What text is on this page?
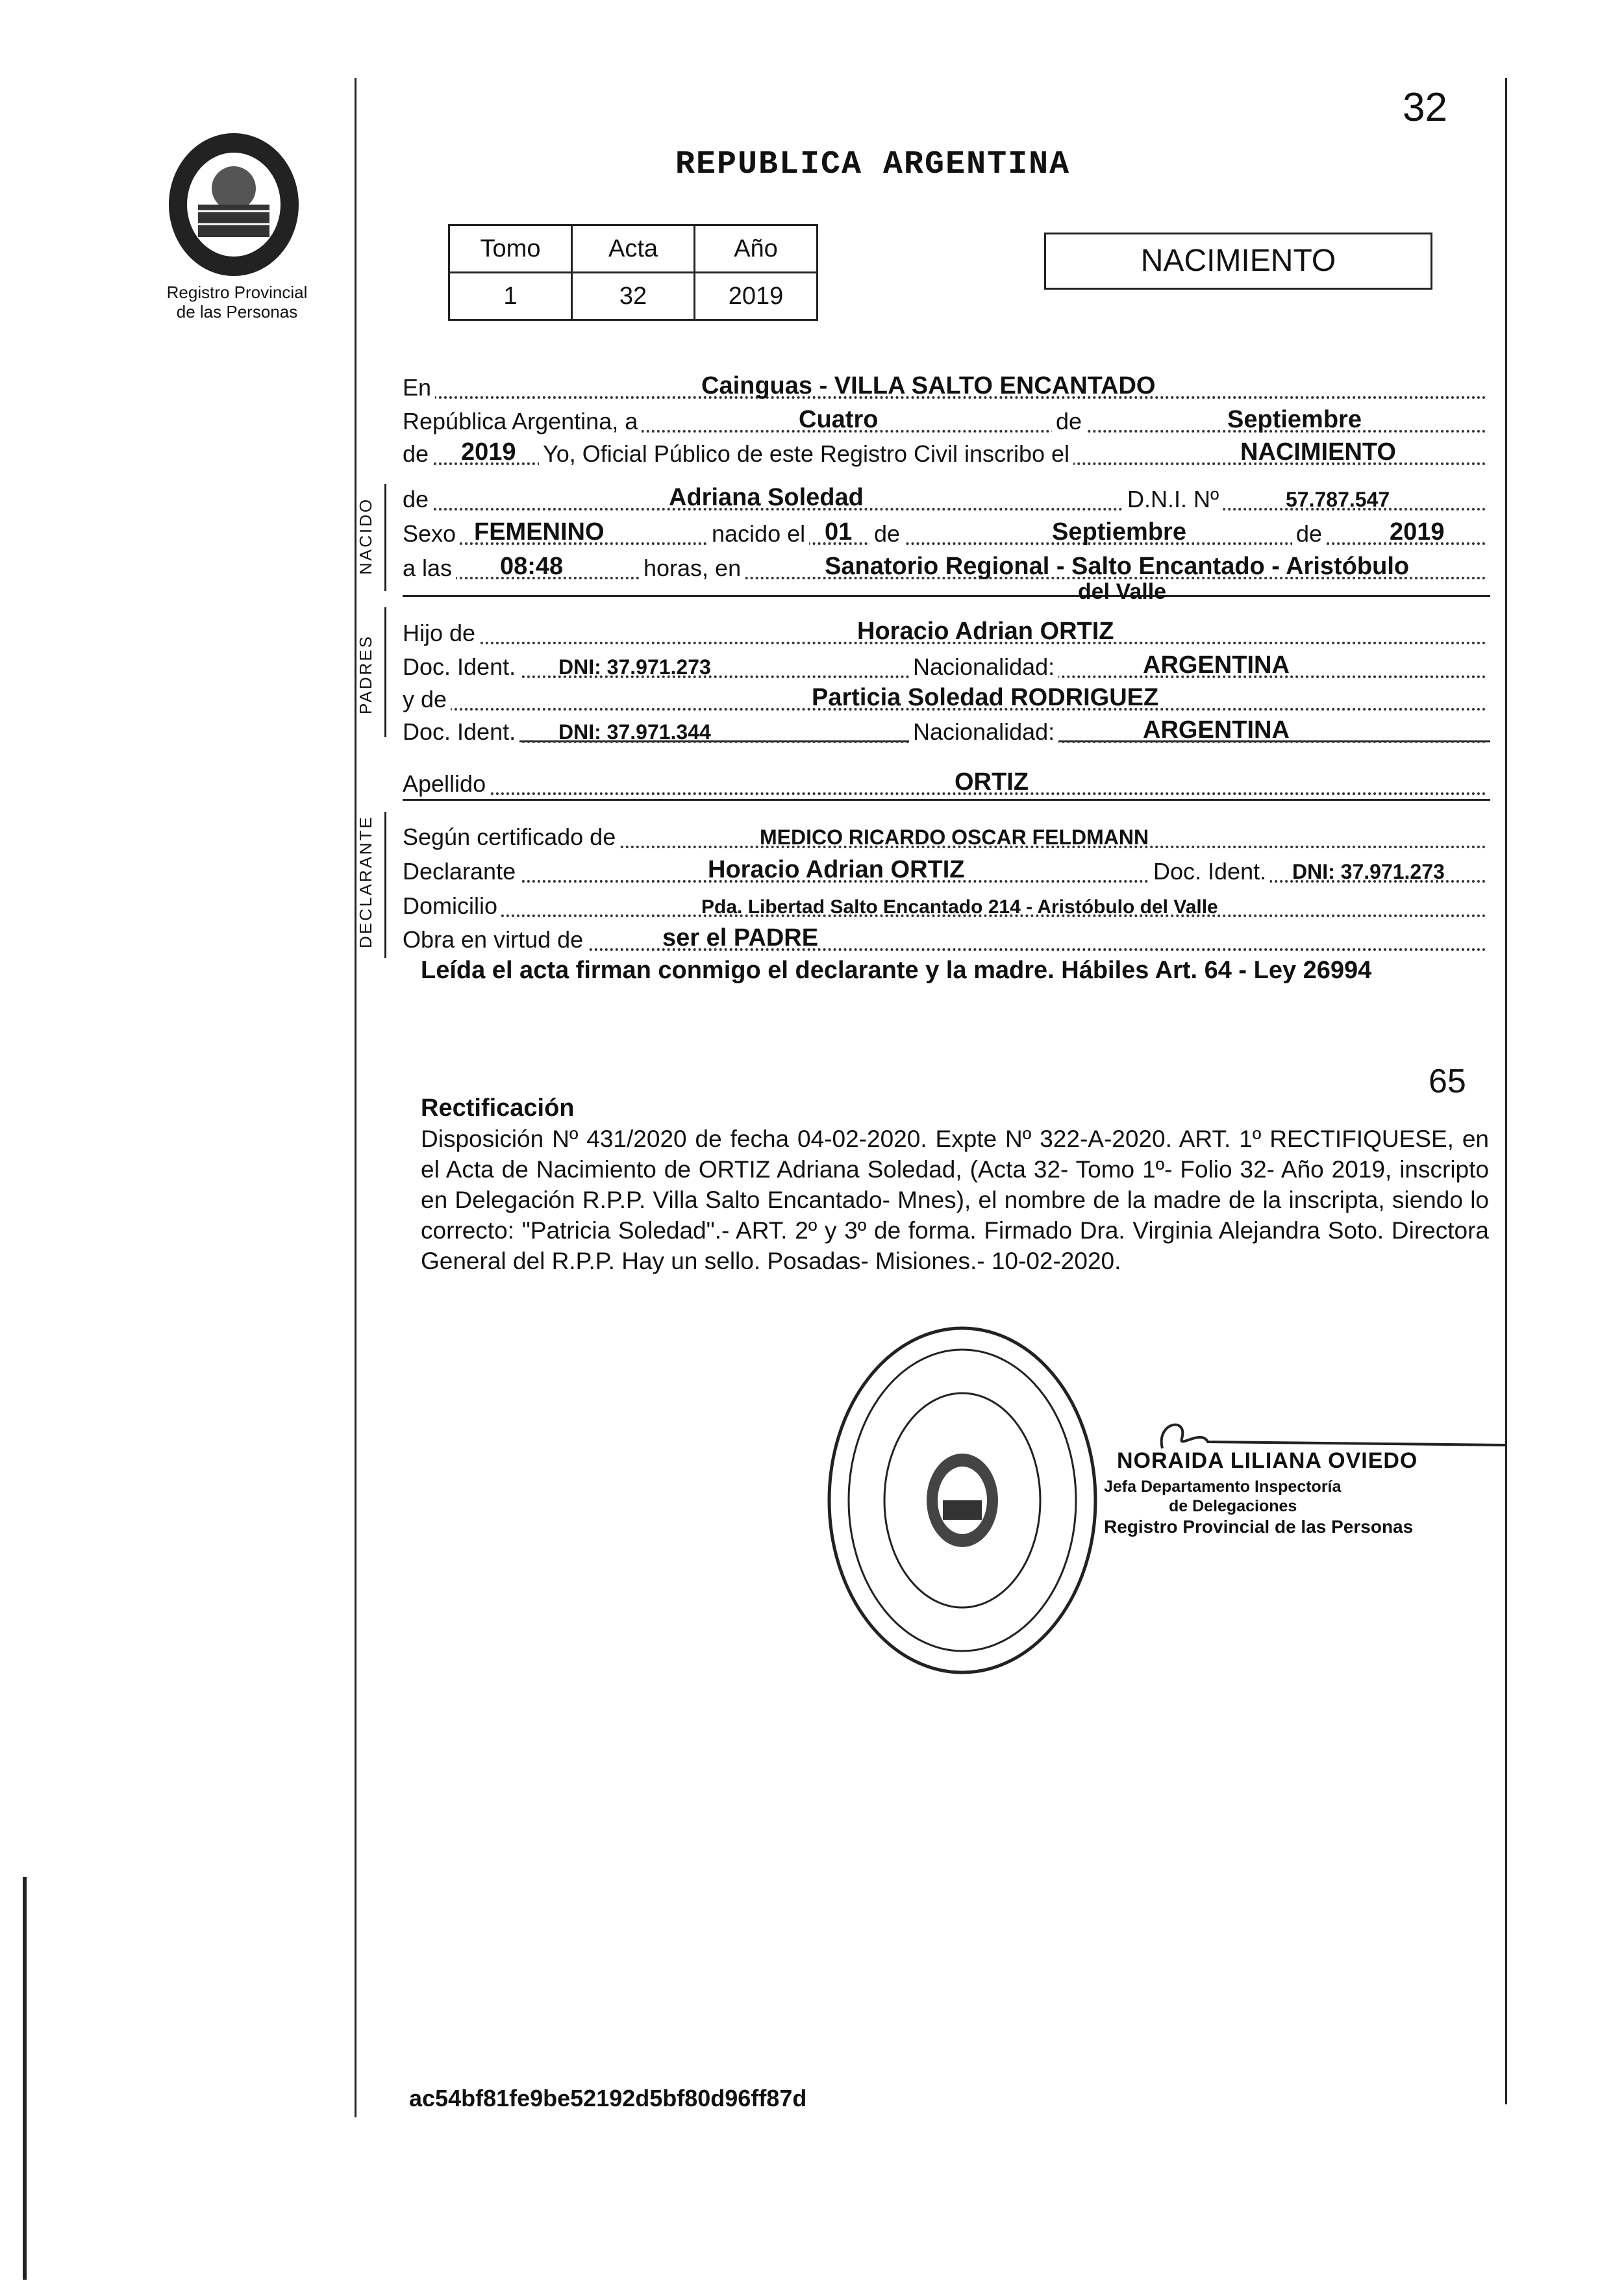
Registro Provincial
de las Personas
32
REPUBLICA ARGENTINA
Tomo	Acta	Año
1	32	2019
NACIMIENTO
NACIDO
PADRES
DECLARANTE
En	Cainguas - VILLA SALTO ENCANTADO
República Argentina, a	Cuatro	de	Septiembre
de 2019 Yo, Oficial Público de este Registro Civil inscribo el	NACIMIENTO
de	Adriana Soledad	D.N.I. Nº	57.787.547
Sexo FEMENINO	nacido el 01 de	Septiembre	de	2019
a las 08:48	horas, en	Sanatorio Regional - Salto Encantado - Aristóbulo
del Valle
Hijo de	Horacio Adrian ORTIZ
Doc. Ident. DNI: 37.971.273	Nacionalidad:	ARGENTINA
y de	Particia Soledad RODRIGUEZ
Doc. Ident. DNI: 37.971.344	Nacionalidad:	ARGENTINA
Apellido	ORTIZ
Según certificado de	MEDICO RICARDO OSCAR FELDMANN
Declarante	Horacio Adrian ORTIZ	Doc. Ident. DNI: 37.971.273
Domicilio	Pda. Libertad Salto Encantado 214 - Aristóbulo del Valle
Obra en virtud de	ser el PADRE
Leída el acta firman conmigo el declarante y la madre. Hábiles Art. 64 - Ley 26994
65
Rectificación
Disposición Nº 431/2020 de fecha 04-02-2020. Expte Nº 322-A-2020. ART. 1º RECTIFIQUESE, en el Acta de Nacimiento de ORTIZ Adriana Soledad, (Acta 32- Tomo 1º- Folio 32- Año 2019, inscripto en Delegación R.P.P. Villa Salto Encantado- Mnes), el nombre de la madre de la inscripta, siendo lo correcto: "Patricia Soledad".- ART. 2º y 3º de forma. Firmado Dra. Virginia Alejandra Soto. Directora General del R.P.P. Hay un sello. Posadas- Misiones.- 10-02-2020.
NORAIDA LILIANA OVIEDO
Jefa Departamento Inspectoría
de Delegaciones
Registro Provincial de las Personas
ac54bf81fe9be52192d5bf80d96ff87d
